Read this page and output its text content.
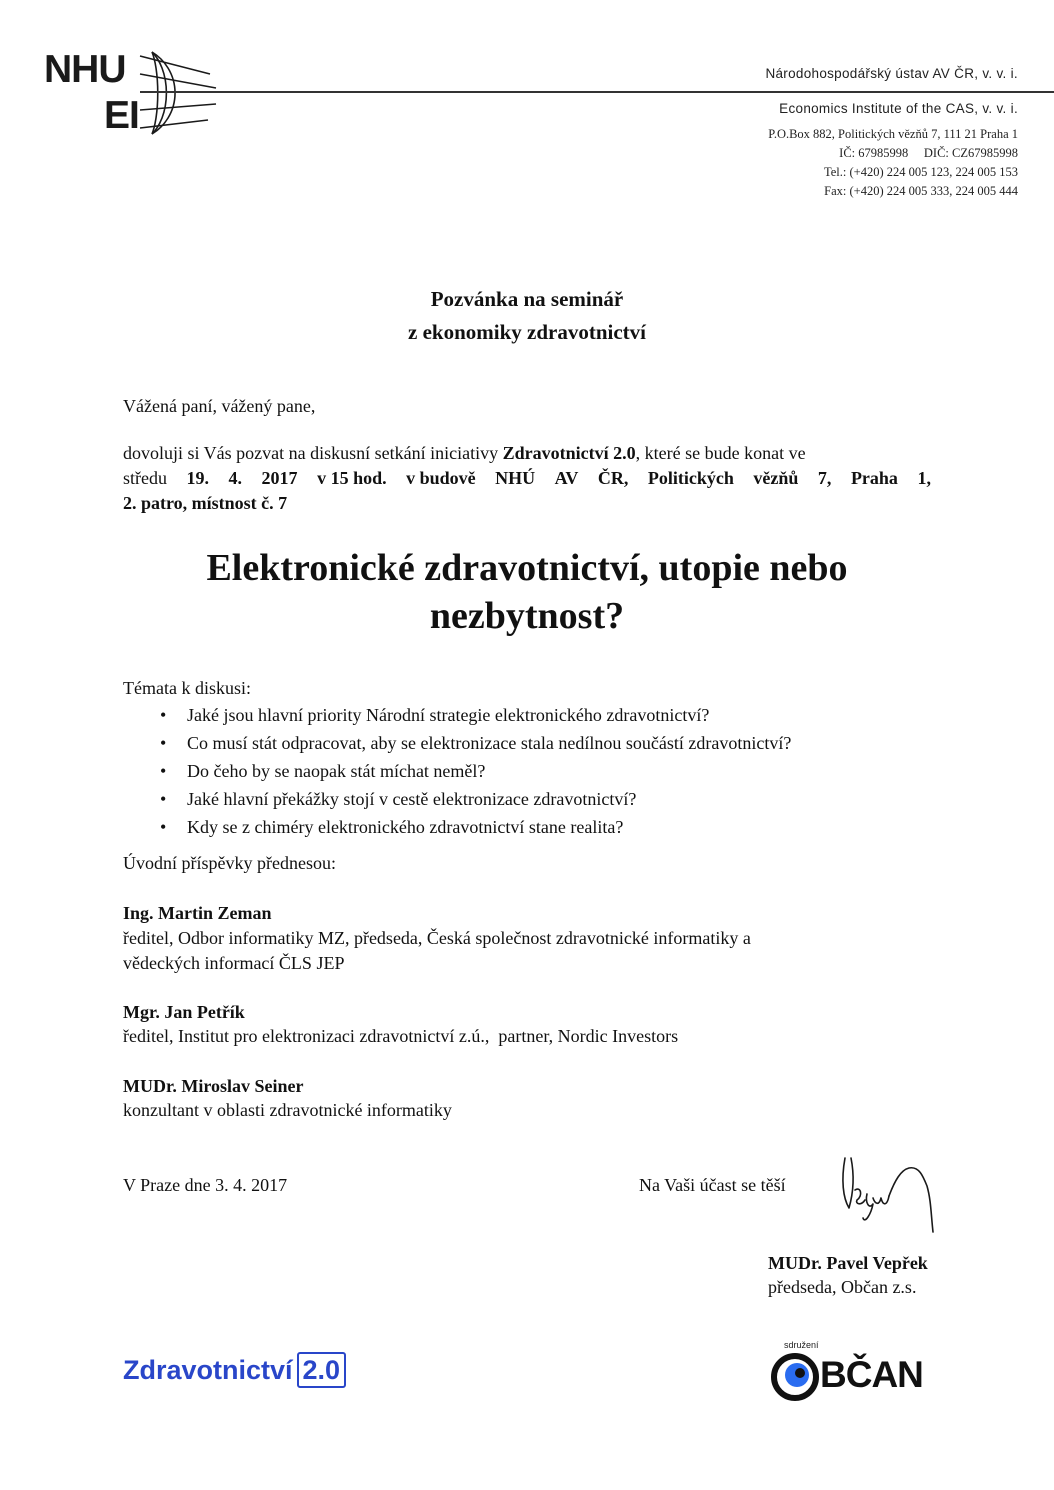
NHU
EI
Národohospodářský ústav AV ČR, v. v. i.
Economics Institute of the CAS, v. v. i.
P.O.Box 882, Politických vězňů 7, 111 21 Praha 1
IČ: 67985998     DIČ: CZ67985998
Tel.: (+420) 224 005 123, 224 005 153
Fax: (+420) 224 005 333, 224 005 444
Pozvánka na seminář
z ekonomiky zdravotnictví
Vážená paní, vážený pane,
dovoluji si Vás pozvat na diskusní setkání iniciativy Zdravotnictví 2.0, které se bude konat ve
středu 19. 4. 2017 v 15 hod. v budově NHÚ AV ČR, Politických vězňů 7, Praha 1,
2. patro, místnost č. 7
Elektronické zdravotnictví, utopie nebo
nezbytnost?
Témata k diskusi:
• Jaké jsou hlavní priority Národní strategie elektronického zdravotnictví?
• Co musí stát odpracovat, aby se elektronizace stala nedílnou součástí zdravotnictví?
• Do čeho by se naopak stát míchat neměl?
• Jaké hlavní překážky stojí v cestě elektronizace zdravotnictví?
• Kdy se z chiméry elektronického zdravotnictví stane realita?
Úvodní příspěvky přednesou:
Ing. Martin Zeman
ředitel, Odbor informatiky MZ, předseda, Česká společnost zdravotnické informatiky a
vědeckých informací ČLS JEP
Mgr. Jan Petřík
ředitel, Institut pro elektronizaci zdravotnictví z.ú.,  partner, Nordic Investors
MUDr. Miroslav Seiner
konzultant v oblasti zdravotnické informatiky
V Praze dne 3. 4. 2017	Na Vaši účast se těší
MUDr. Pavel Vepřek
předseda, Občan z.s.
Zdravotnictví 2.0
sdružení
BČAN
